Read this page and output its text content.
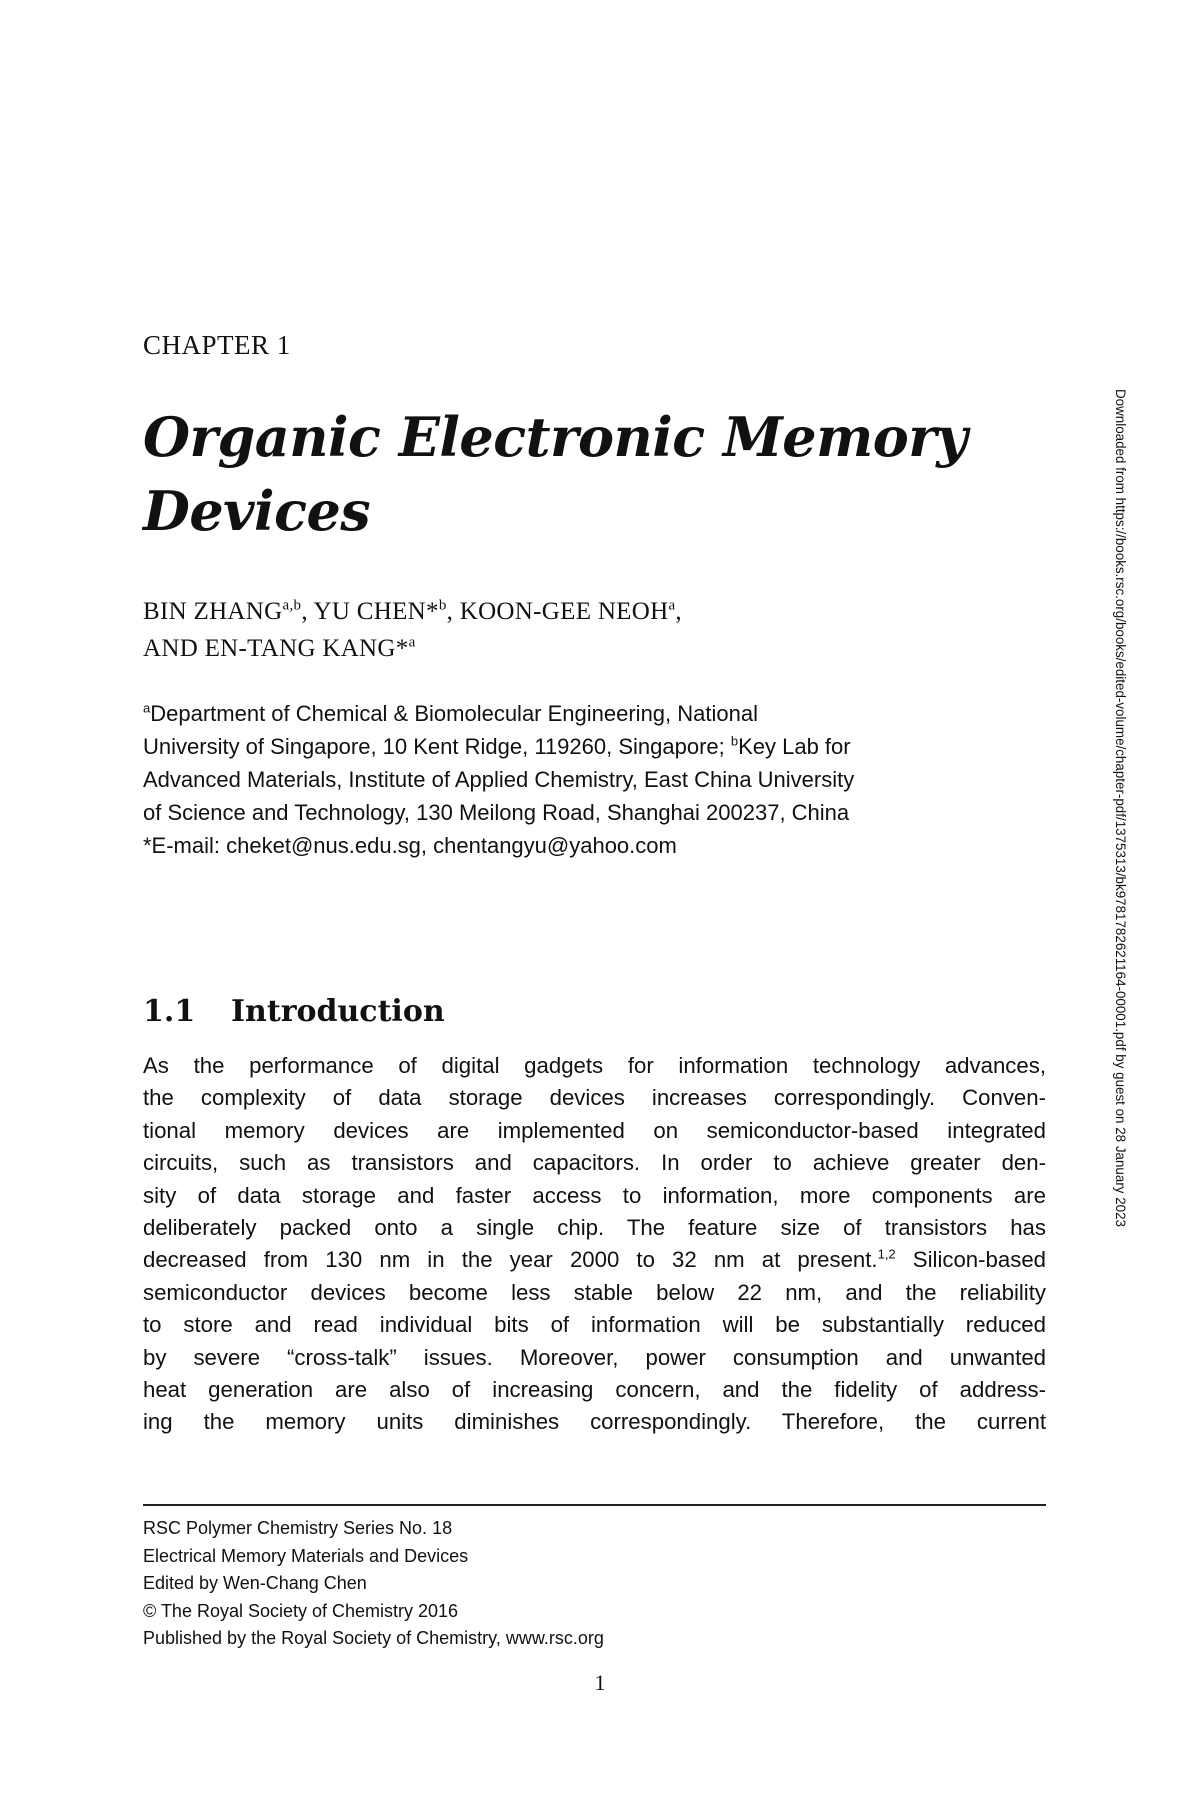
CHAPTER 1
Organic Electronic Memory
Devices
BIN ZHANG$^{a,b}$, YU CHEN*$^b$, KOON-GEE NEOH$^a$,
AND EN-TANG KANG*$^a$
$^a$Department of Chemical & Biomolecular Engineering, National
University of Singapore, 10 Kent Ridge, 119260, Singapore; $^b$Key Lab for
Advanced Materials, Institute of Applied Chemistry, East China University
of Science and Technology, 130 Meilong Road, Shanghai 200237, China
*E-mail: cheket@nus.edu.sg, chentangyu@yahoo.com
1.1 Introduction
As the performance of digital gadgets for information technology advances,
the complexity of data storage devices increases correspondingly. Conven-
tional memory devices are implemented on semiconductor-based integrated
circuits, such as transistors and capacitors. In order to achieve greater den-
sity of data storage and faster access to information, more components are
deliberately packed onto a single chip. The feature size of transistors has
decreased from 130 nm in the year 2000 to 32 nm at present.$^{1,2}$ Silicon-based
semiconductor devices become less stable below 22 nm, and the reliability
to store and read individual bits of information will be substantially reduced
by severe “cross-talk” issues. Moreover, power consumption and unwanted
heat generation are also of increasing concern, and the fidelity of address-
ing the memory units diminishes correspondingly. Therefore, the current
RSC Polymer Chemistry Series No. 18
Electrical Memory Materials and Devices
Edited by Wen-Chang Chen
© The Royal Society of Chemistry 2016
Published by the Royal Society of Chemistry, www.rsc.org
1
Downloaded from https://books.rsc.org/books/edited-volume/chapter-pdf/1375313/bk9781782621164-00001.pdf by guest on 28 January 2023
